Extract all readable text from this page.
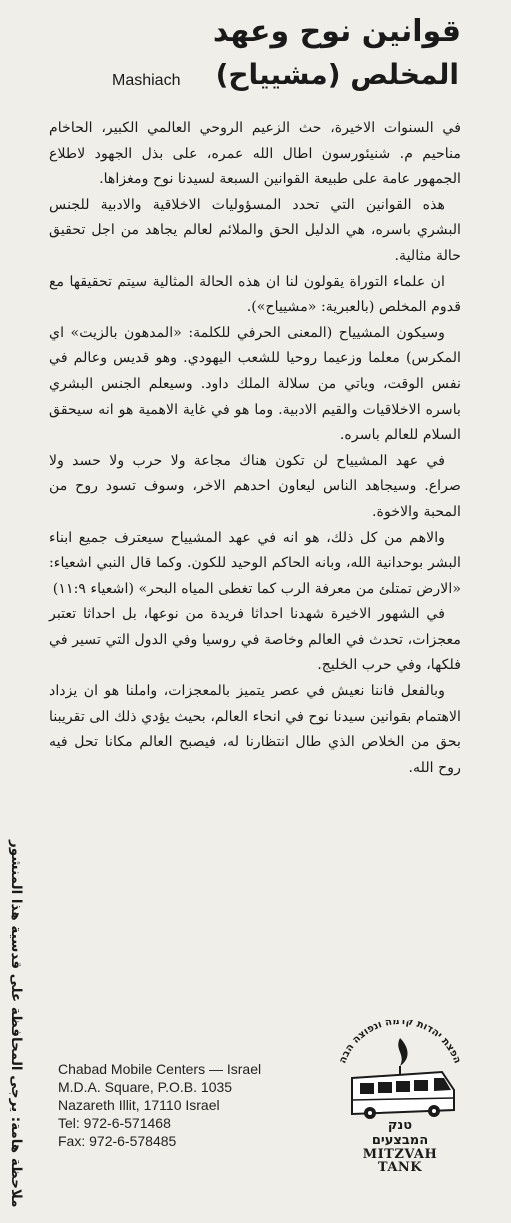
قوانين نوح وعهد
المخلص (مشيياح)
Mashiach

في السنوات الاخيرة، حث الزعيم الروحي العالمي الكبير، الحاخام مناحيم م. شنيئورسون اطال الله عمره، على بذل الجهود لاطلاع الجمهور عامة على طبيعة القوانين السبعة لسيدنا نوح ومغزاها.

هذه القوانين التي تحدد المسؤوليات الاخلاقية والادبية للجنس البشري باسره، هي الدليل الحق والملائم لعالم يجاهد من اجل تحقيق حالة مثالية.

ان علماء التوراة يقولون لنا ان هذه الحالة المثالية سيتم تحقيقها مع قدوم المخلص (بالعبرية: «مشيياح»).

وسيكون المشيياح (المعنى الحرفي للكلمة: «المدهون بالزيت» اي المكرس) معلما وزعيما روحيا للشعب اليهودي. وهو قديس وعالم في نفس الوقت، وياتي من سلالة الملك داود. وسيعلم الجنس البشري باسره الاخلاقيات والقيم الادبية. وما هو في غاية الاهمية هو انه سيحقق السلام للعالم باسره.

في عهد المشيياح لن تكون هناك مجاعة ولا حرب ولا حسد ولا صراع. وسيجاهد الناس ليعاون احدهم الاخر، وسوف تسود روح من المحبة والاخوة.

والاهم من كل ذلك، هو انه في عهد المشيياح سيعترف جميع ابناء البشر بوحدانية الله، وبانه الحاكم الوحيد للكون. وكما قال النبي اشعياء: «الارض تمتلئ من معرفة الرب كما تغطى المياه البحر» (اشعياء ١١:٩)

في الشهور الاخيرة شهدنا احداثا فريدة من نوعها، بل احداثا تعتبر معجزات، تحدث في العالم وخاصة في روسيا وفي الدول التي تسير في فلكها، وفي حرب الخليج.

وبالفعل فاننا نعيش في عصر يتميز بالمعجزات، واملنا هو ان يزداد الاهتمام بقوانين سيدنا نوح في انحاء العالم، بحيث يؤدي ذلك الى تقريبنا بحق من الخلاص الذي طال انتظارنا له، فيصبح العالم مكانا تحل فيه روح الله.

ملاحظة هامة: يرجى المحافظة على قدسية هذا المنشور Chabad Mobile Centers — Israel
M.D.A. Square, P.O.B. 1035
Nazareth Illit, 17110 Israel
Tel: 972-6-571468
Fax: 972-6-578485
הפצת יהדות קדמה ונפוצה הבה
טנק
המבצעים
MITZVAH
TANK
